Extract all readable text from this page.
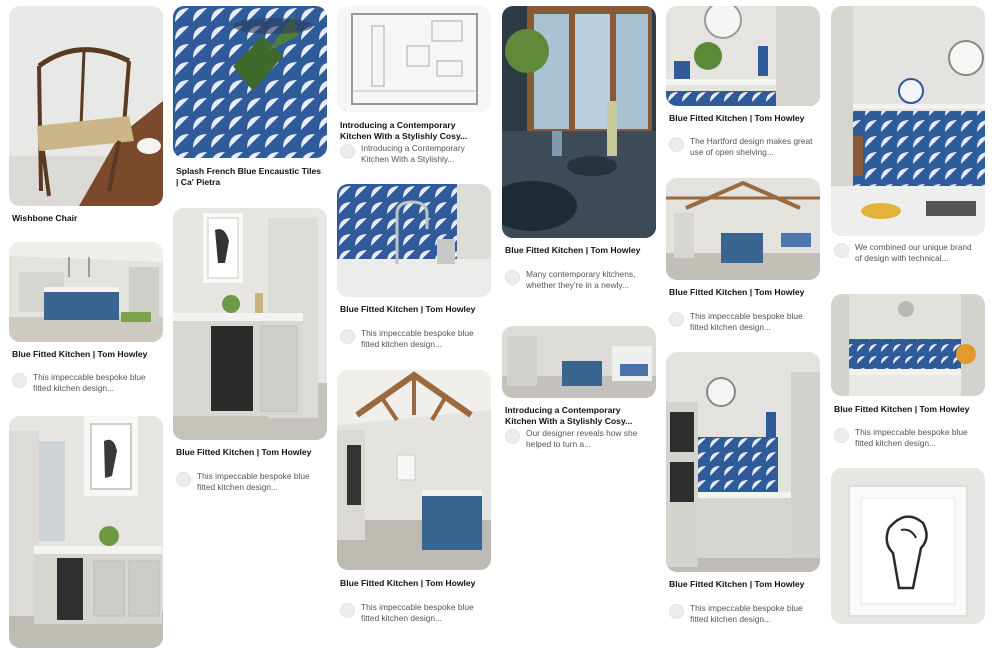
Wishbone Chair
Blue Fitted Kitchen | Tom Howley
This impeccable bespoke blue fitted kitchen design...
Splash French Blue Encaustic Tiles | Ca' Pietra
Blue Fitted Kitchen | Tom Howley
This impeccable bespoke blue fitted kitchen design...
Introducing a Contemporary Kitchen With a Stylishly Cosy...
Introducing a Contemporary Kitchen With a Stylishly...
Blue Fitted Kitchen | Tom Howley
This impeccable bespoke blue fitted kitchen design...
Blue Fitted Kitchen | Tom Howley
This impeccable bespoke blue fitted kitchen design...
Blue Fitted Kitchen | Tom Howley
Many contemporary kitchens, whether they're in a newly...
Introducing a Contemporary Kitchen With a Stylishly Cosy...
Our designer reveals how she helped to turn a...
Blue Fitted Kitchen | Tom Howley
The Hartford design makes great use of open shelving...
Blue Fitted Kitchen | Tom Howley
This impeccable bespoke blue fitted kitchen design...
Blue Fitted Kitchen | Tom Howley
This impeccable bespoke blue fitted kitchen design...
We combined our unique brand of design with technical...
Blue Fitted Kitchen | Tom Howley
This impeccable bespoke blue fitted kitchen design...
